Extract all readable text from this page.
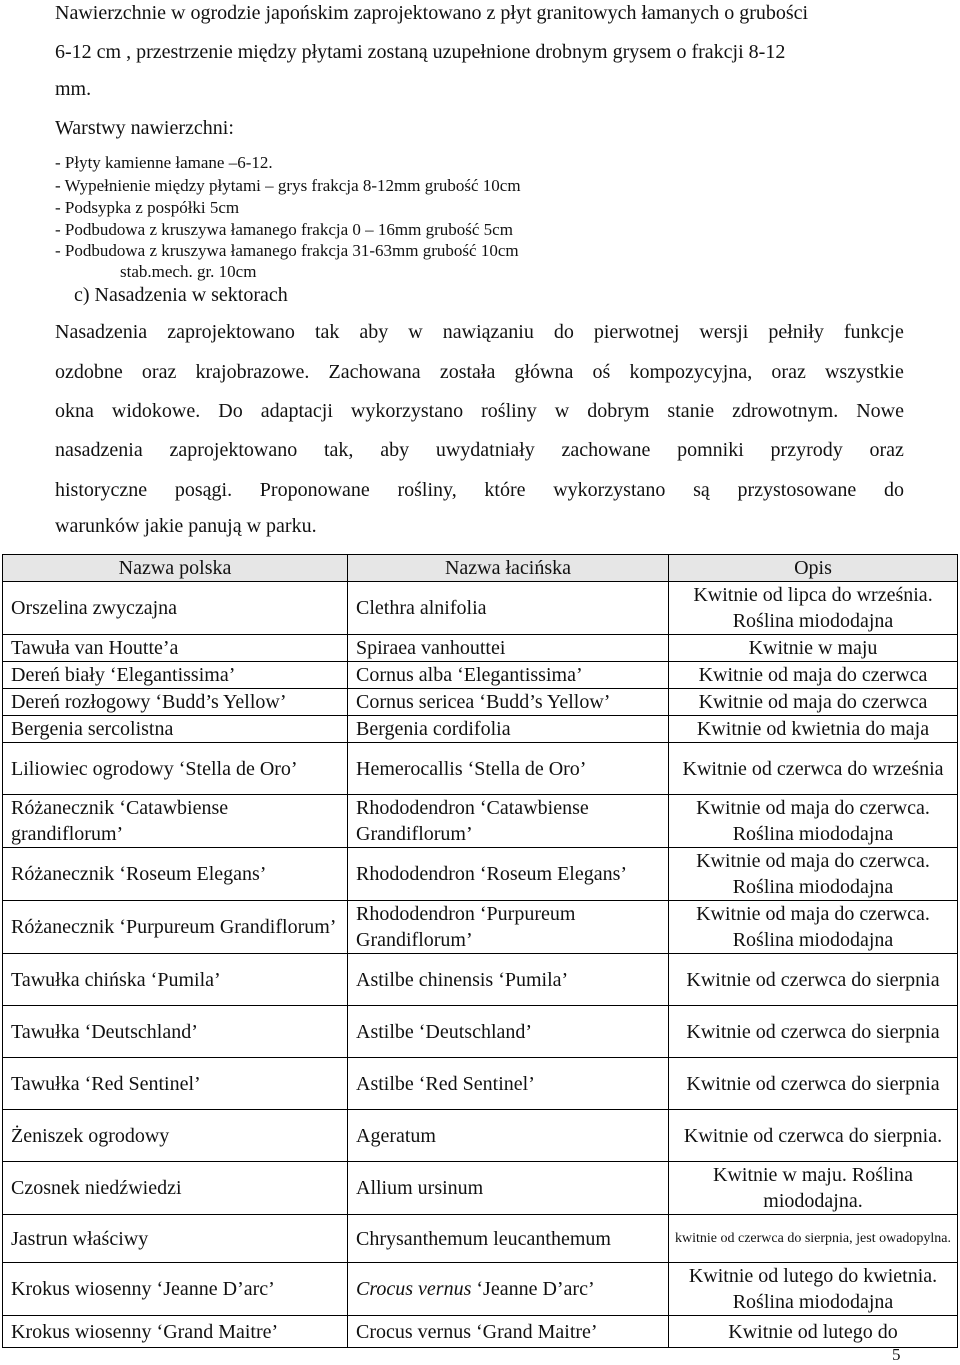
Nawierzchnie w ogrodzie japońskim zaprojektowano z płyt granitowych łamanych o grubości
6-12 cm , przestrzenie między płytami zostaną uzupełnione drobnym grysem o frakcji 8-12
mm.
Warstwy nawierzchni:
- Płyty kamienne łamane –6-12.
- Wypełnienie między płytami – grys frakcja 8-12mm grubość 10cm
- Podsypka z pospółki 5cm
- Podbudowa z kruszywa łamanego frakcja 0 – 16mm grubość 5cm
- Podbudowa z kruszywa łamanego frakcja 31-63mm grubość 10cm
stab.mech. gr. 10cm
c) Nasadzenia w sektorach
Nasadzenia zaprojektowano tak aby w nawiązaniu do pierwotnej wersji pełniły funkcje
ozdobne oraz krajobrazowe. Zachowana została główna oś kompozycyjna, oraz wszystkie
okna widokowe. Do adaptacji wykorzystano rośliny w dobrym stanie zdrowotnym. Nowe
nasadzenia zaprojektowano tak, aby uwydatniały zachowane pomniki przyrody oraz
historyczne posągi. Proponowane rośliny, które wykorzystano są przystosowane do
warunków jakie panują w parku.
Nazwa polska	Nazwa łacińska	Opis
Orszelina zwyczajna	Clethra alnifolia	Kwitnie od lipca do września. Roślina miododajna
Tawuła van Houtte’a	Spiraea vanhouttei	Kwitnie w maju
Dereń biały ‘Elegantissima’	Cornus alba ‘Elegantissima’	Kwitnie od maja do czerwca
Dereń rozłogowy ‘Budd’s Yellow’	Cornus sericea ‘Budd’s Yellow’	Kwitnie od maja do czerwca
Bergenia sercolistna	Bergenia cordifolia	Kwitnie od kwietnia do maja
Liliowiec ogrodowy ‘Stella de Oro’	Hemerocallis ‘Stella de Oro’	Kwitnie od czerwca do września
Różanecznik ‘Catawbiense grandiflorum’	Rhododendron ‘Catawbiense Grandiflorum’	Kwitnie od maja do czerwca. Roślina miododajna
Różanecznik ‘Roseum Elegans’	Rhododendron ‘Roseum Elegans’	Kwitnie od maja do czerwca. Roślina miododajna
Różanecznik ‘Purpureum Grandiflorum’	Rhododendron ‘Purpureum Grandiflorum’	Kwitnie od maja do czerwca. Roślina miododajna
Tawułka chińska ‘Pumila’	Astilbe chinensis ‘Pumila’	Kwitnie od czerwca do sierpnia
Tawułka ‘Deutschland’	Astilbe ‘Deutschland’	Kwitnie od czerwca do sierpnia
Tawułka ‘Red Sentinel’	Astilbe ‘Red Sentinel’	Kwitnie od czerwca do sierpnia
Żeniszek ogrodowy	Ageratum	Kwitnie od czerwca do sierpnia.
Czosnek niedźwiedzi	Allium ursinum	Kwitnie w maju. Roślina miododajna.
Jastrun właściwy	Chrysanthemum leucanthemum	kwitnie od czerwca do sierpnia, jest owadopylna.
Krokus wiosenny ‘Jeanne D’arc’	Crocus vernus ‘Jeanne D’arc’	Kwitnie od lutego do kwietnia. Roślina miododajna
Krokus wiosenny ‘Grand Maitre’	Crocus vernus ‘Grand Maitre’	Kwitnie od lutego do
5
